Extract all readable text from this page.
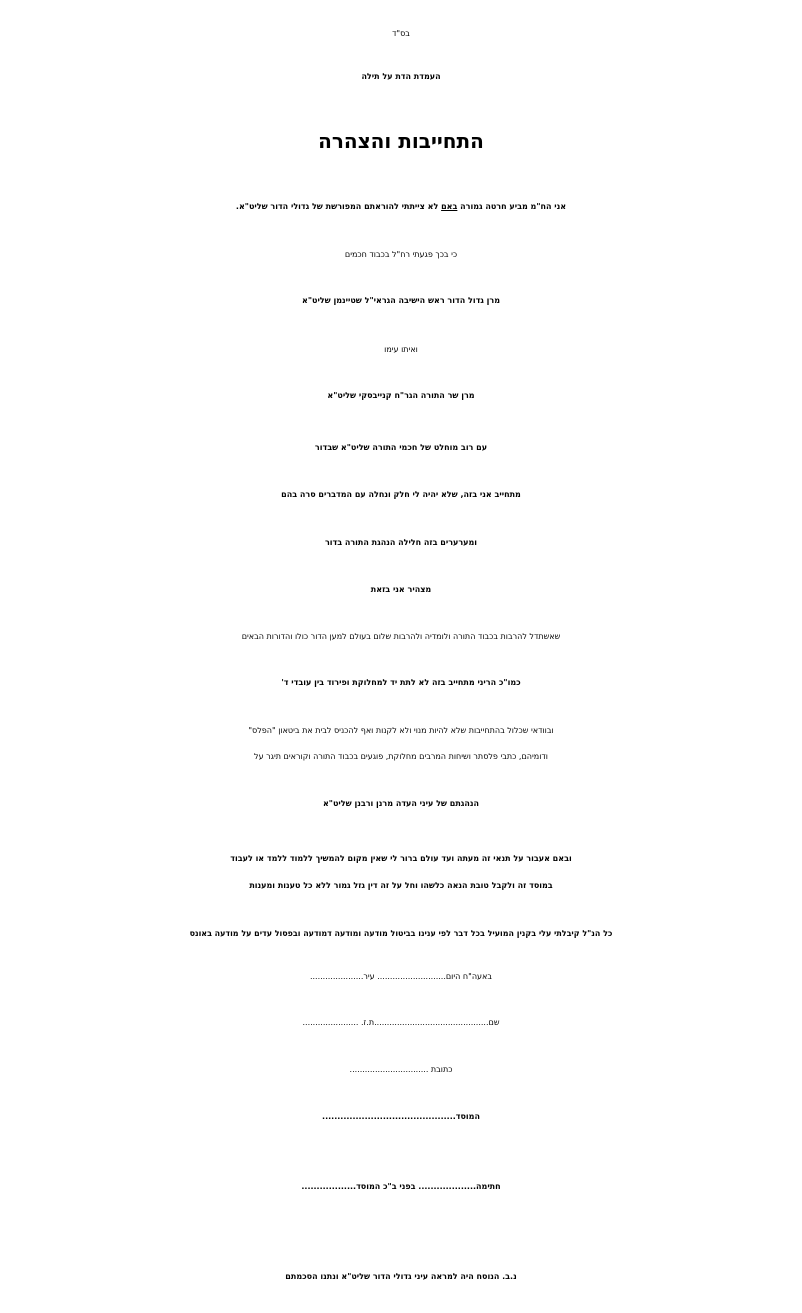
בס"ד
העמדת הדת על תילה
התחייבות והצהרה
אני הח"מ מביע חרטה גמורה באם לא צייתתי להוראתם המפורשת של גדולי הדור שליט"א.
כי בכך פגעתי רח"ל בכבוד חכמים
מרן גדול הדור ראש הישיבה הגראי"ל שטיינמן שליט"א
ואיתו עימו
מרן שר התורה הגר"ח קנייבסקי שליט"א
עם רוב מוחלט של חכמי התורה שליט"א שבדור
מתחייב אני בזה, שלא יהיה לי חלק ונחלה עם המדברים סרה בהם
ומערערים בזה חלילה הנהגת התורה בדור
מצהיר אני בזאת
שאשתדל להרבות בכבוד התורה ולומדיה ולהרבות שלום בעולם למען הדור כולו והדורות הבאים
כמו"כ הריני מתחייב בזה לא לתת יד למחלוקת ופירוד בין עובדי ד'
ובוודאי שכלול בהתחייבות שלא להיות מנוי ולא לקנות ואף להכניס לבית את ביטאון "הפלס"
ודומיהם, כתבי פלסתר ושיחות המרבים מחלוקת, פוגעים בכבוד התורה וקוראים תיגר על
הנהגתם של עיני העדה מרנן ורבנן שליט"א
ובאם אעבור על תנאי זה מעתה ועד עולם ברור לי שאין מקום להמשיך ללמוד ללמד או לעבוד
במוסד זה ולקבל טובת הנאה כלשהו וחל על זה דין גזל גמור ללא כל טענות ומענות
כל הנ"ל קיבלתי עלי בקנין המועיל בכל דבר לפי ענינו בביטול מודעה ומודעה דמודעה ובפסול עדים על מודעה באונס
באעה"ח היום........................... עיר.....................
שם.............................................ת.ז. ......................
כתובת ...............................
המוסד............................................
חתימה................... בפני ב"כ המוסד..................
נ.ב. הנוסח היה למראה עיני גדולי הדור שליט"א ונתנו הסכמתם
